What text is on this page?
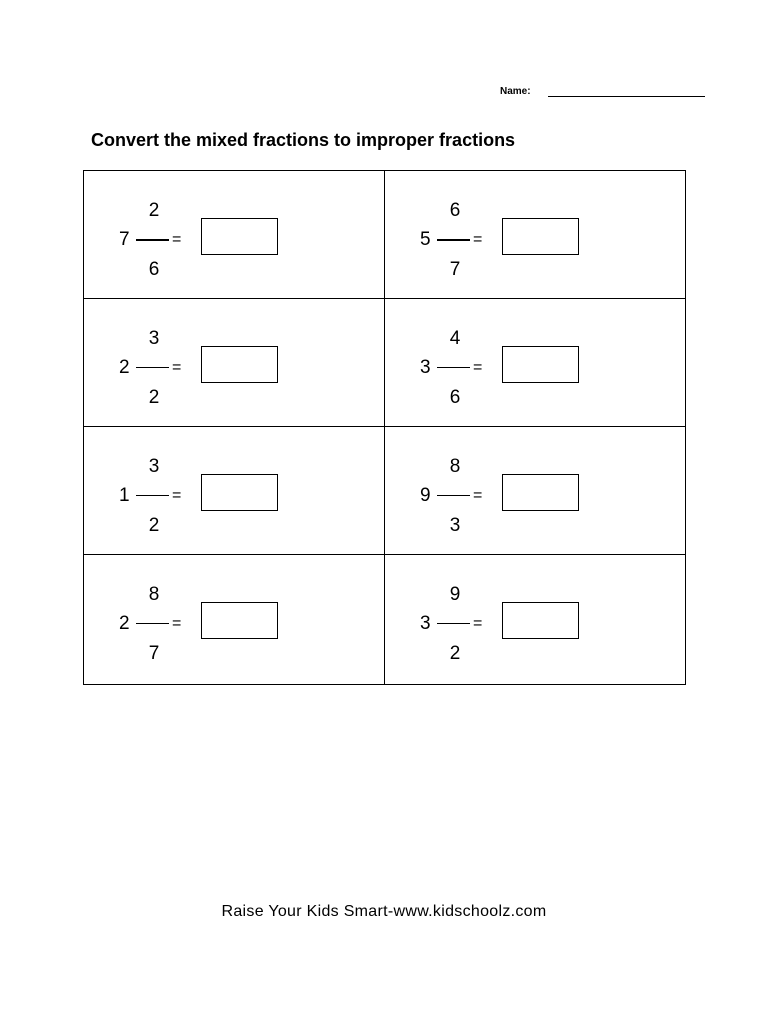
Name:
Convert the mixed fractions to improper fractions
7
2
6
=	5
6
7
=
2
3
2
=	3
4
6
=
1
3
2
=	9
8
3
=
2
8
7
=	3
9
2
=
Raise Your Kids Smart-www.kidschoolz.com
